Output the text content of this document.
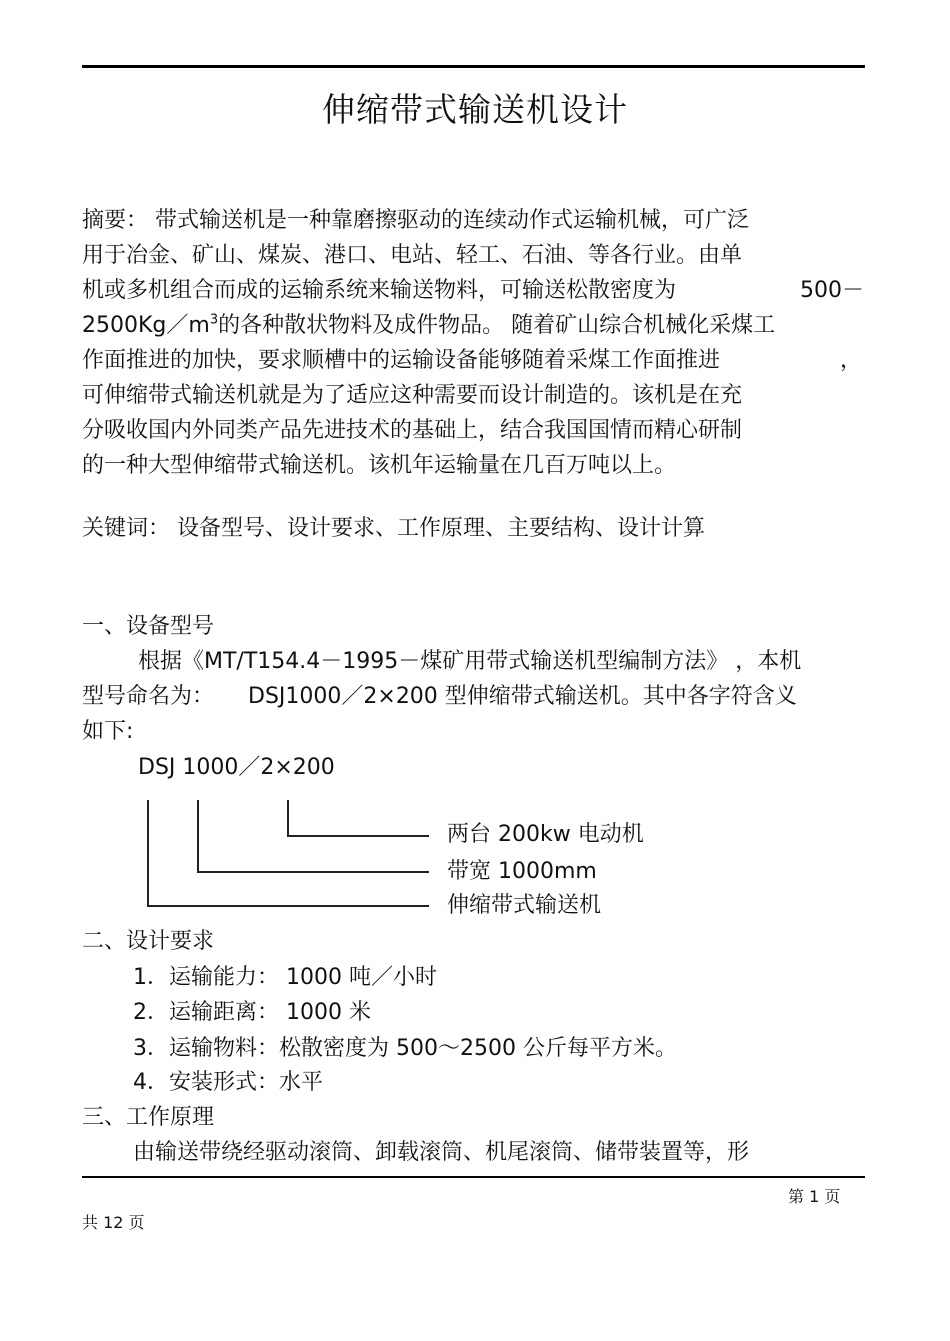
伸缩带式输送机设计
摘要： 带式输送机是一种靠磨擦驱动的连续动作式运输机械，可广泛
用于冶金、矿山、煤炭、港口、电站、轻工、石油、等各行业。由单
机或多机组合而成的运输系统来输送物料，可输送松散密度为	500－
$2500Kg/m^3$的各种散状物料及成件物品。 随着矿山综合机械化采煤工
作面推进的加快，要求顺槽中的运输设备能够随着采煤工作面推进	，
可伸缩带式输送机就是为了适应这种需要而设计制造的。该机是在充
分吸收国内外同类产品先进技术的基础上，结合我国国情而精心研制
的一种大型伸缩带式输送机。该机年运输量在几百万吨以上。
关键词： 设备型号、设计要求、工作原理、主要结构、设计计算
一、设备型号
根据《MT/T154.4－1995－煤矿用带式输送机型编制方法》 ，本机
型号命名为： DSJ1000／2×200 型伸缩带式输送机。其中各字符含义
如下:
DSJ 1000／2×200
两台 200kw 电动机
带宽 1000mm
伸缩带式输送机
二、设计要求
1．运输能力： 1000 吨／小时
2．运输距离： 1000 米
3．运输物料：松散密度为 500～2500 公斤每平方米。
4．安装形式：水平
三、工作原理
由输送带绕经驱动滚筒、卸载滚筒、机尾滚筒、储带装置等，形
第 1 页
共 12 页
